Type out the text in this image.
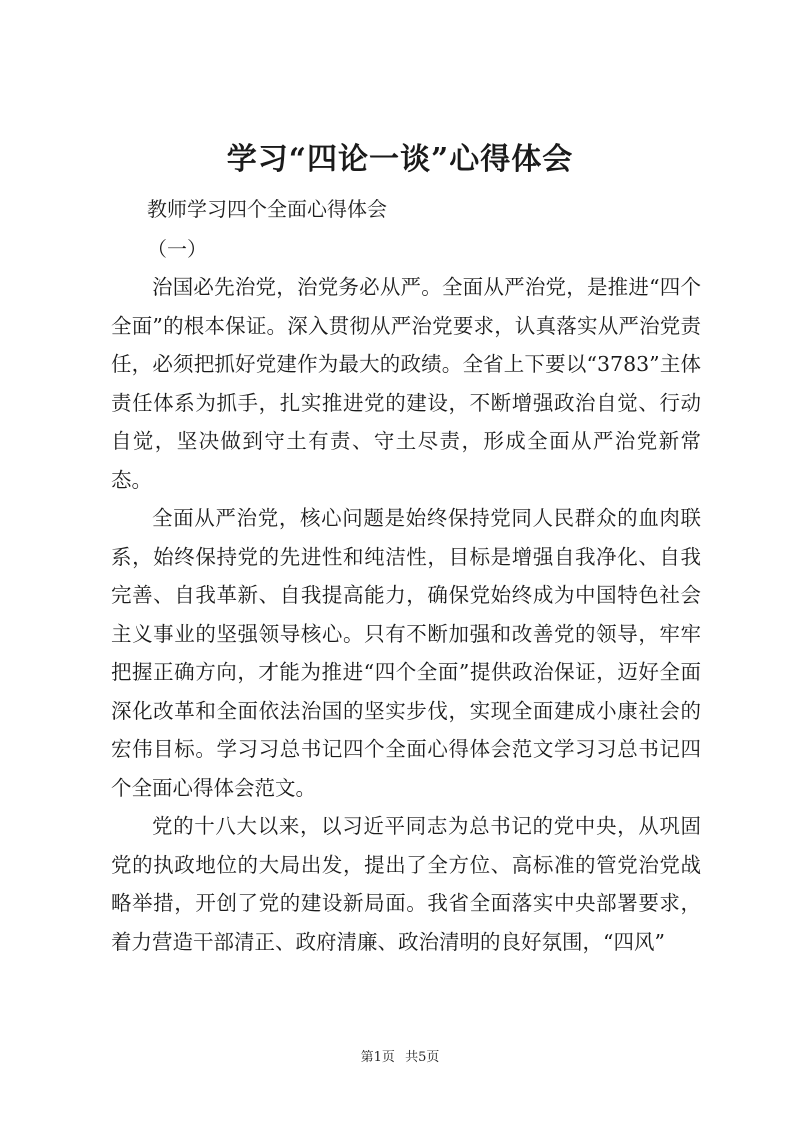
学习“四论一谈”心得体会

教师学习四个全面心得体会

（一）

治国必先治党，治党务必从严。全面从严治党，是推进“四个全面”的根本保证。深入贯彻从严治党要求，认真落实从严治党责任，必须把抓好党建作为最大的政绩。全省上下要以“3783”主体责任体系为抓手，扎实推进党的建设，不断增强政治自觉、行动自觉，坚决做到守土有责、守土尽责，形成全面从严治党新常态。

全面从严治党，核心问题是始终保持党同人民群众的血肉联系，始终保持党的先进性和纯洁性，目标是增强自我净化、自我完善、自我革新、自我提高能力，确保党始终成为中国特色社会主义事业的坚强领导核心。只有不断加强和改善党的领导，牢牢把握正确方向，才能为推进“四个全面”提供政治保证，迈好全面深化改革和全面依法治国的坚实步伐，实现全面建成小康社会的宏伟目标。学习习总书记四个全面心得体会范文学习习总书记四个全面心得体会范文。

党的十八大以来，以习近平同志为总书记的党中央，从巩固党的执政地位的大局出发，提出了全方位、高标准的管党治党战略举措，开创了党的建设新局面。我省全面落实中央部署要求，着力营造干部清正、政府清廉、政治清明的良好氛围，“四风”

第1页 共5页
